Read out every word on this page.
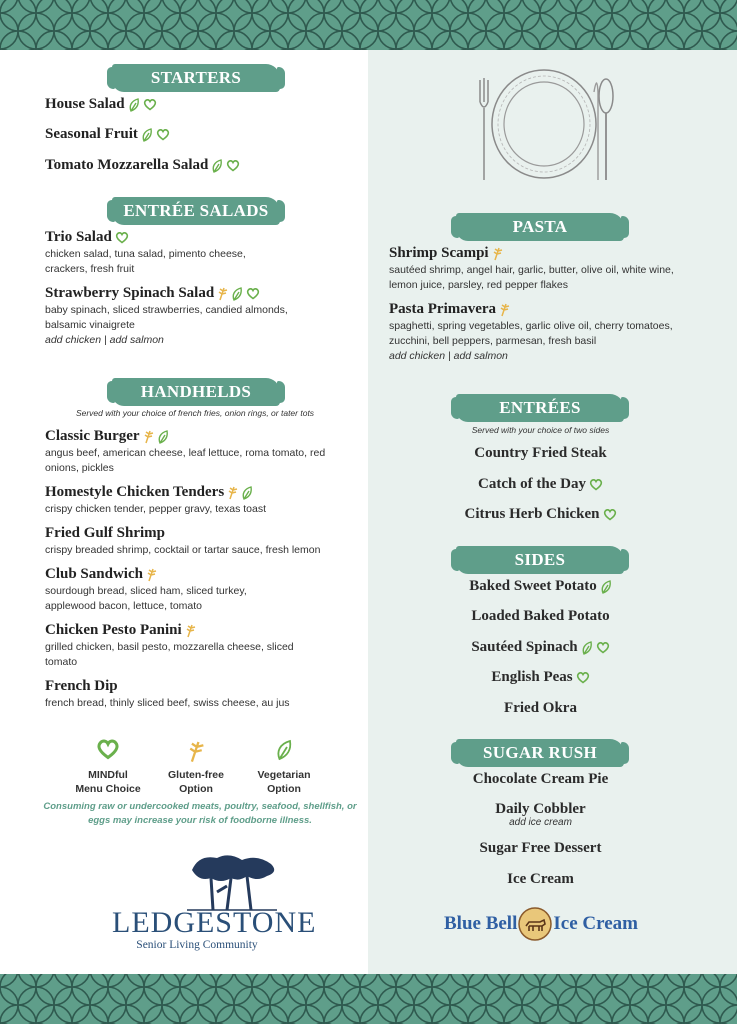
STARTERS
House Salad
Seasonal Fruit
Tomato Mozzarella Salad
ENTRÉE SALADS
Trio Salad
chicken salad, tuna salad, pimento cheese, crackers, fresh fruit
Strawberry Spinach Salad
baby spinach, sliced strawberries, candied almonds, balsamic vinaigrete
add chicken | add salmon
HANDHELDS
Served with your choice of french fries, onion rings, or tater tots
Classic Burger
angus beef, american cheese, leaf lettuce, roma tomato, red onions, pickles
Homestyle Chicken Tenders
crispy chicken tender, pepper gravy, texas toast
Fried Gulf Shrimp
crispy breaded shrimp, cocktail or tartar sauce, fresh lemon
Club Sandwich
sourdough bread, sliced ham, sliced turkey, applewood bacon, lettuce, tomato
Chicken Pesto Panini
grilled chicken, basil pesto, mozzarella cheese, sliced tomato
French Dip
french bread, thinly sliced beef, swiss cheese, au jus
MINDful
Menu Choice
Gluten-free
Option
Vegetarian
Option
Consuming raw or undercooked meats, poultry, seafood, shellfish, or eggs may increase your risk of foodborne illness.
LEDGESTONE
Senior Living Community
PASTA
Shrimp Scampi
sautéed shrimp, angel hair, garlic, butter, olive oil, white wine, lemon juice, parsley, red pepper flakes
Pasta Primavera
spaghetti, spring vegetables, garlic olive oil, cherry tomatoes, zucchini, bell peppers, parmesan, fresh basil
add chicken | add salmon
ENTRÉES
Served with your choice of two sides
Country Fried Steak
Catch of the Day
Citrus Herb Chicken
SIDES
Baked Sweet Potato
Loaded Baked Potato
Sautéed Spinach
English Peas
Fried Okra
SUGAR RUSH
Chocolate Cream Pie
Daily Cobbler
add ice cream
Sugar Free Dessert
Ice Cream
Blue Bell Ice Cream
